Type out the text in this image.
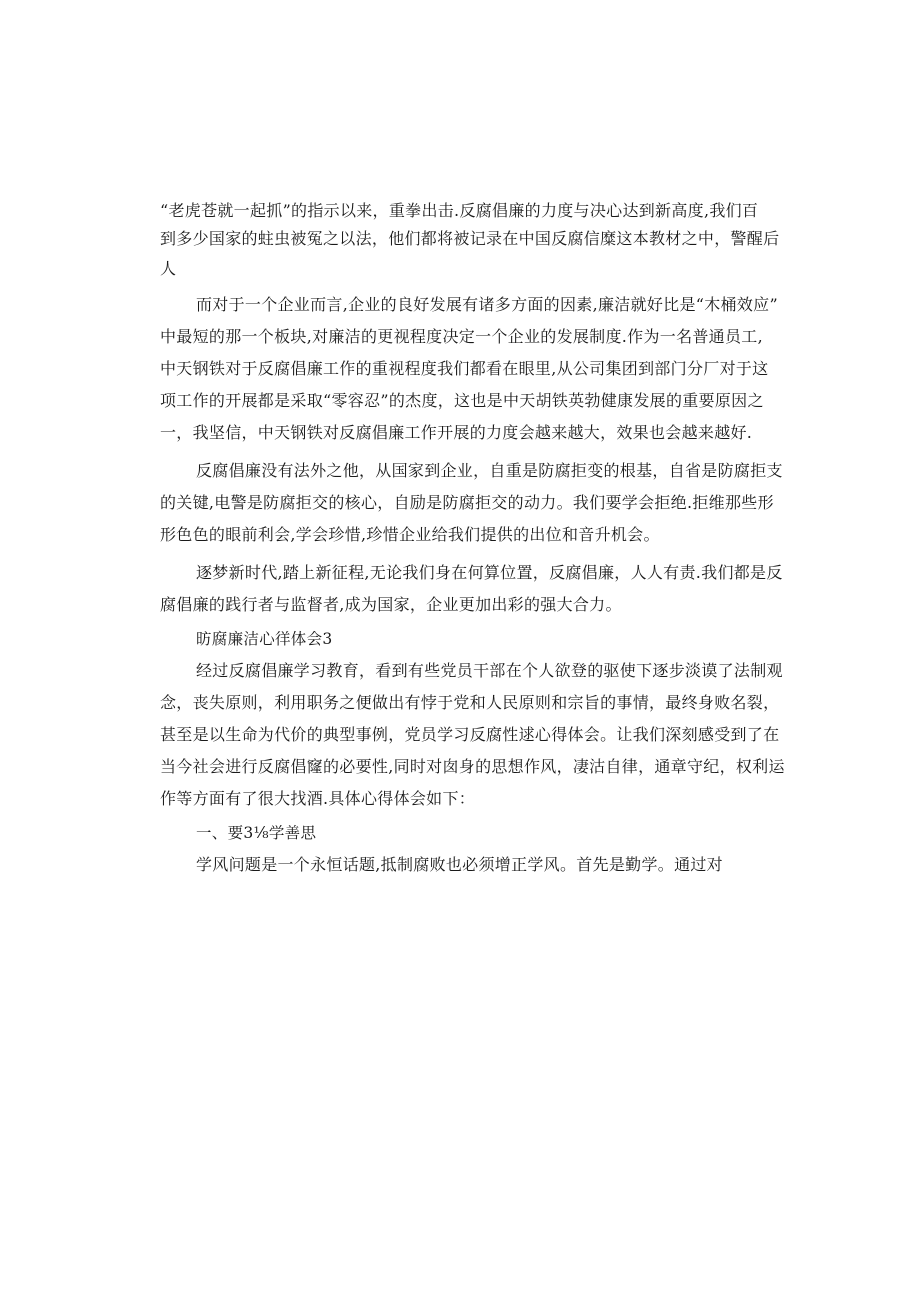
“老虎苍就一起抓”的指示以来，重拳出击.反腐倡廉的力度与决心达到新高度,我们百
到多少国家的蛀虫被冤之以法，他们都将被记录在中国反腐信糜这本教材之中，警醒后
人
而对于一个企业而言,企业的良好发展有诸多方面的因素,廉洁就好比是“木桶效应”
中最短的那一个板块,对廉洁的更视程度决定一个企业的发展制度.作为一名普通员工,
中天钢铁对于反腐倡廉工作的重视程度我们都看在眼里,从公司集团到部门分厂对于这
项工作的开展都是采取“零容忍”的杰度，这也是中天胡铁英勃健康发展的重要原因之
一，我坚信，中天钢铁对反腐倡廉工作开展的力度会越来越大，效果也会越来越好.
反腐倡廉没有法外之他，从国家到企业，自重是防腐拒变的根基，自省是防腐拒支
的关键,电警是防腐拒交的核心，自励是防腐拒交的动力。我们要学会拒绝.拒维那些形
形色色的眼前利会,学会珍惜,珍惜企业给我们提供的出位和音升机会。
逐梦新时代,踏上新征程,无论我们身在何算位置，反腐倡廉，人人有责.我们都是反
腐倡廉的践行者与监督者,成为国家，企业更加出彩的强大合力。
昉腐廉洁心徉体会3
经过反腐倡廉学习教育，看到有些党员干部在个人欲登的驱使下逐步淡谟了法制观
念，丧失原则，利用职务之便做出有悖于党和人民原则和宗旨的事情，最终身败名裂，
甚至是以生命为代价的典型事例，党员学习反腐性逑心得体会。让我们深刻感受到了在
当今社会进行反腐倡窿的必要性,同时对囱身的思想作风，凄沽自律，通章守纪，权利运
作等方面有了很大找酒.具体心得体会如下：
一、要3⅛学善思
学风问题是一个永恒话题,抵制腐败也必须增正学风。首先是勤学。通过对
